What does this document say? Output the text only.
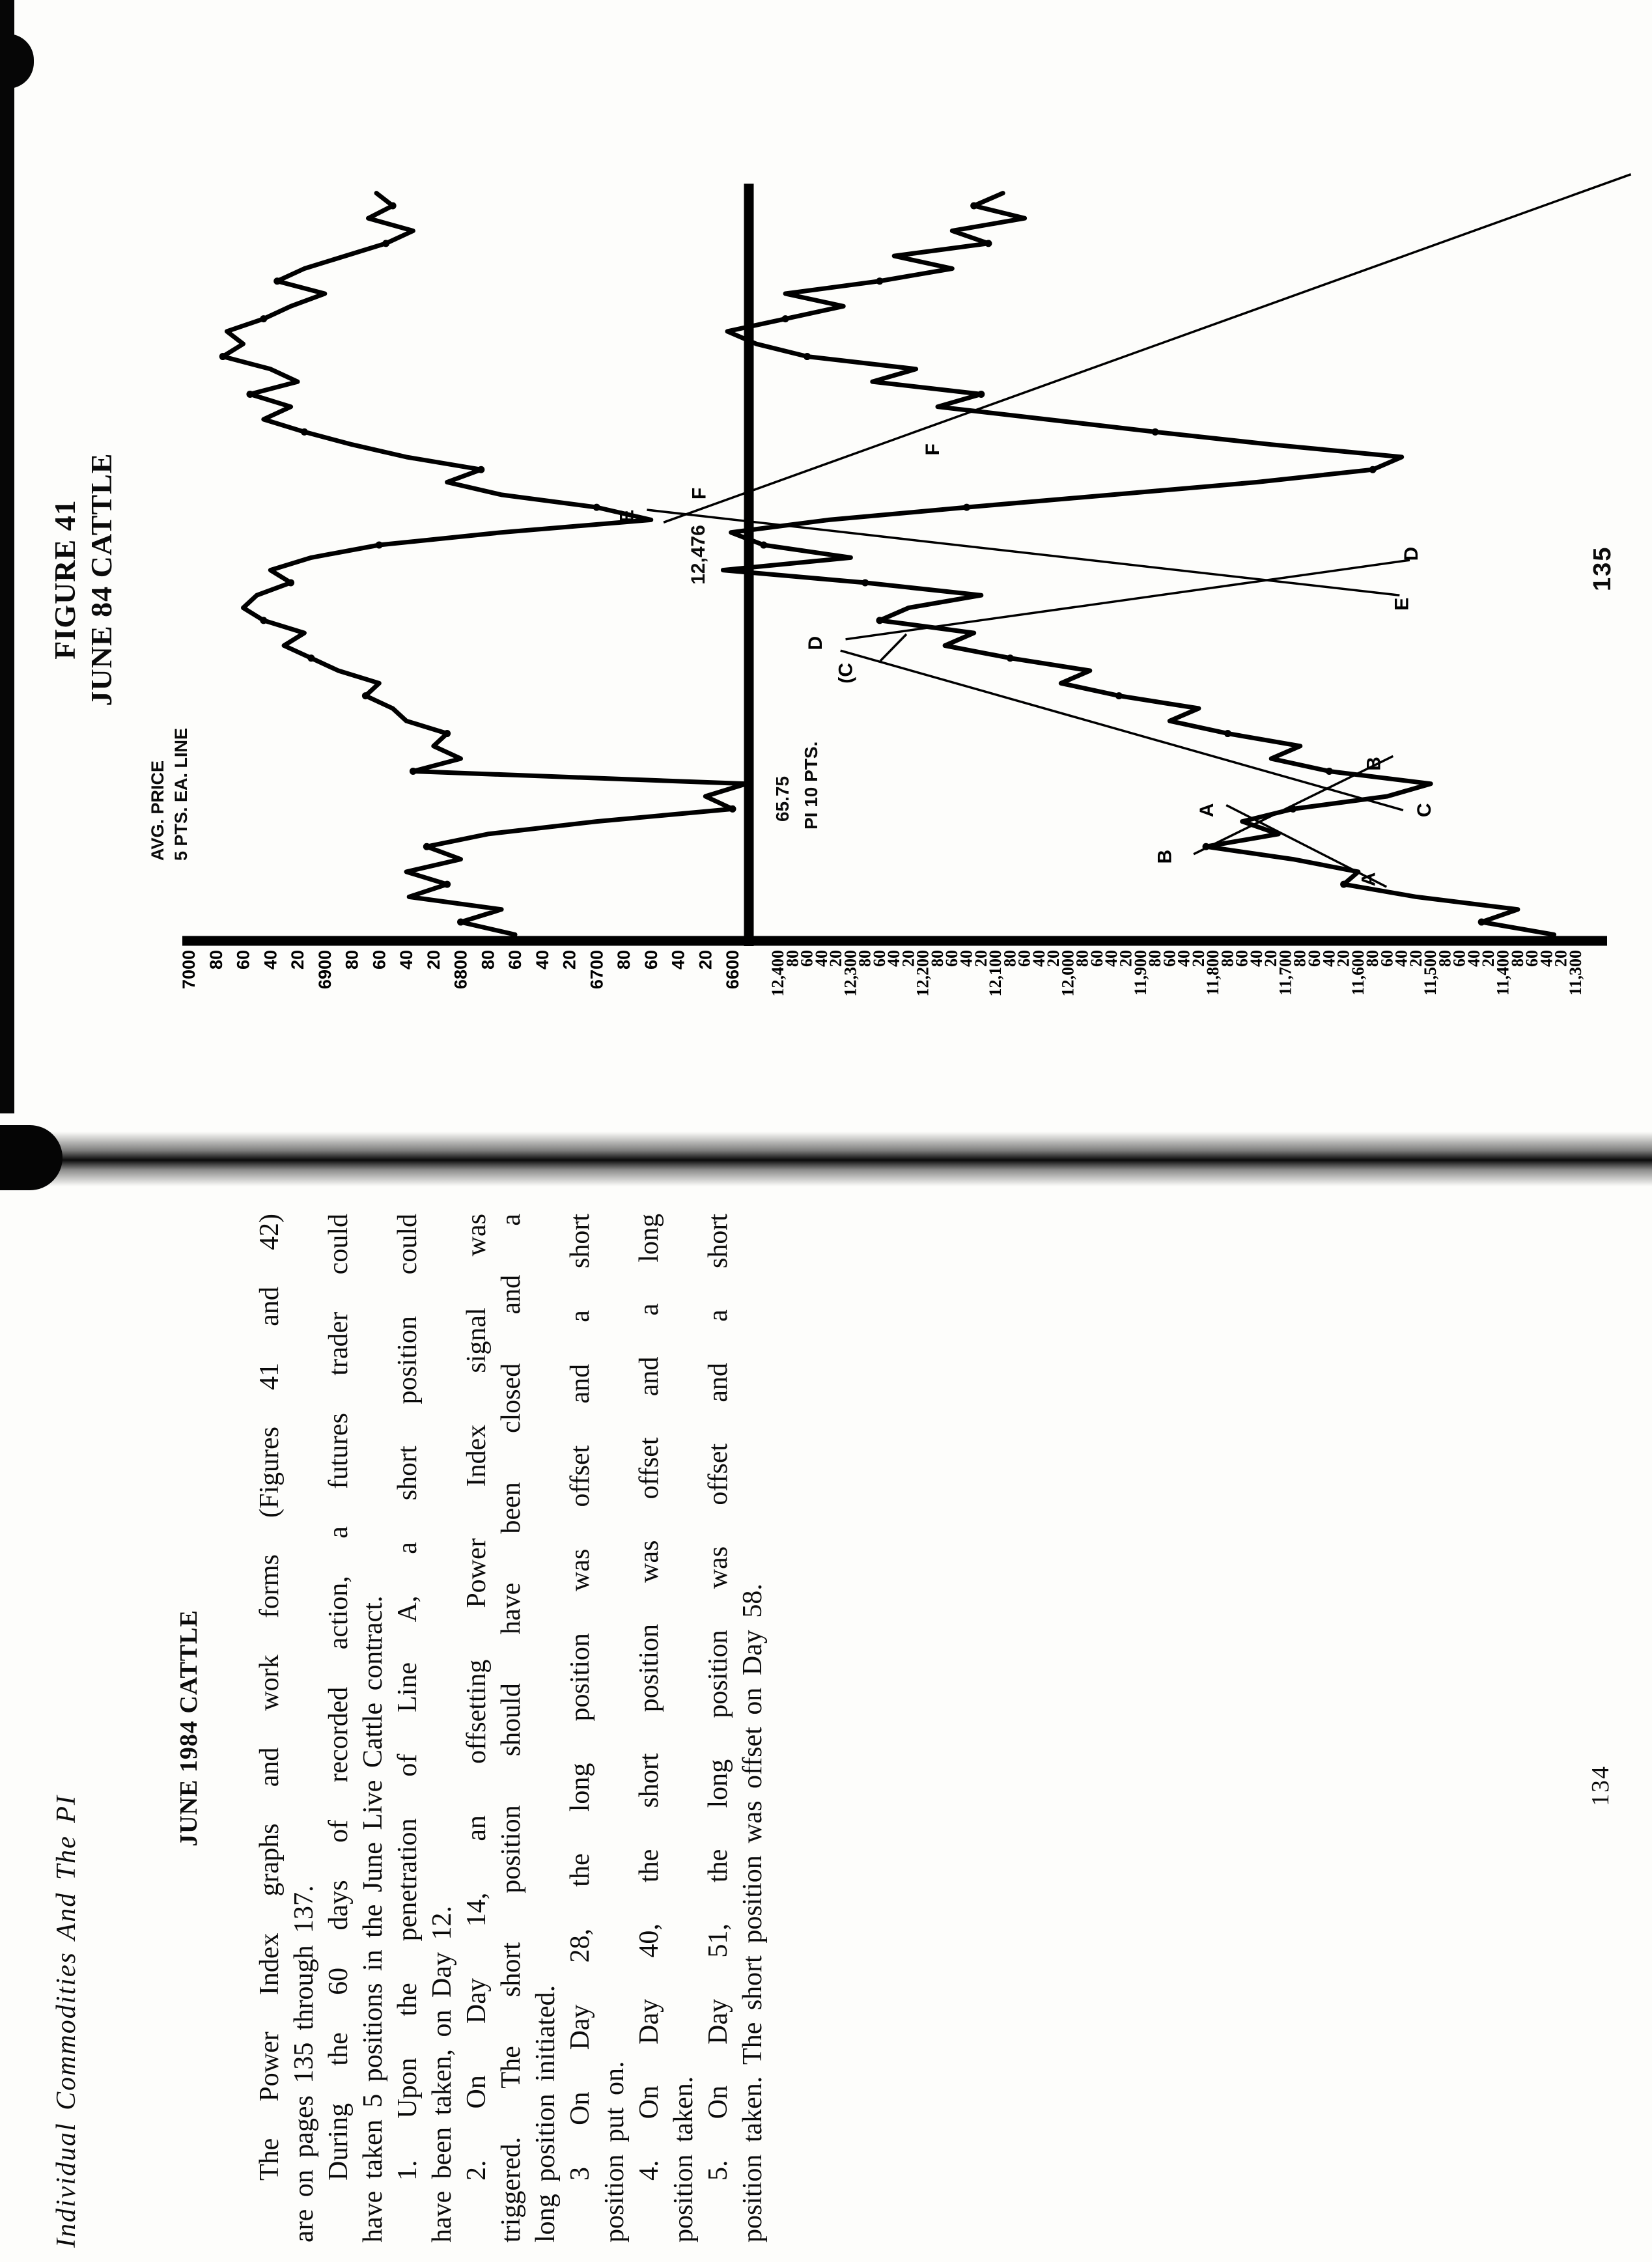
FIGURE 41 JUNE 84 CATTLE
AVG. PRICE 5 PTS. EA. LINE
12,476
65.75 PI 10 PTS.
135
7000 80 60 40 20 6900 80 60 40 20 6800 80 60 40 20 6700 80 60 40 20 6600 12,400
80
60
40
20
12,300
80
60
40
20
12,200
80
60
40
20
12,100
80
60
40
20
12,000
80
60
40
20
11,900
80
60
40
20
11,800
80
60
40
20
11,700
80
60
40
20
11,600
80
60
40
20
11,500
80
60
40
20
11,400
80
60
40
20
11,300
A
A
B
B
C
(C
D
D
E
E
F
F
Individual Commodities And The PI
JUNE 1984 CATTLE The Power Index graphs and work forms (Figures 41 and 42) are on pages 135 through 137. During the 60 days of recorded action, a futures trader could have taken 5 positions in the June Live Cattle contract. 1. Upon the penetration of Line A, a short position could have been taken, on Day 12. 2. On Day 14, an offsetting Power Index signal was triggered. The short position should have been closed and a long position initiated. 3 On Day 28, the long position was offset and a short position put on. 4. On Day 40, the short position was offset and a long position taken. 5. On Day 51, the long position was offset and a short position taken. The short position was offset on Day 58.	134
